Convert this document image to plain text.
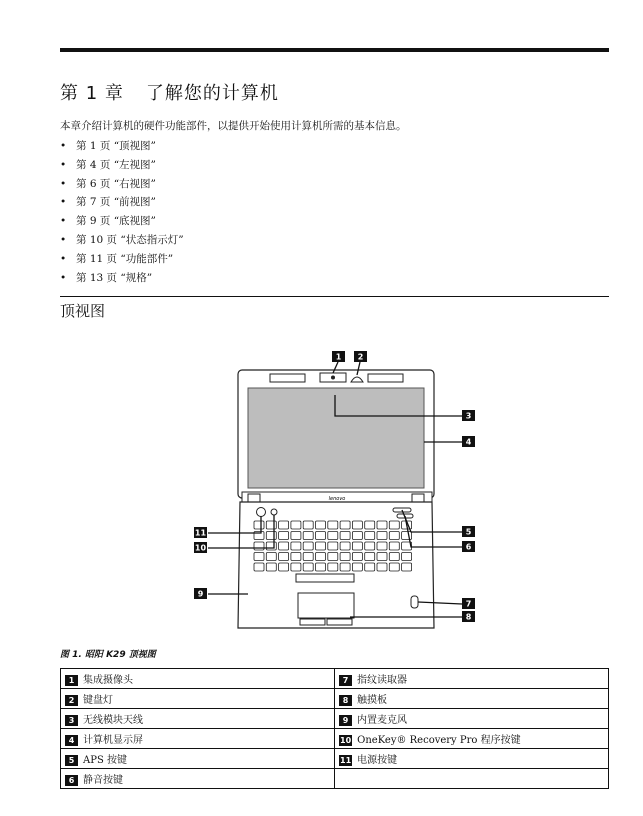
第 1 章 了解您的计算机
本章介绍计算机的硬件功能部件，以提供开始使用计算机所需的基本信息。
• 第 1 页 “顶视图”
• 第 4 页 “左视图”
• 第 6 页 “右视图”
• 第 7 页 “前视图”
• 第 9 页 “底视图”
• 第 10 页 “状态指示灯”
• 第 11 页 “功能部件”
• 第 13 页 “规格”
顶视图
lenovo
1 2
3
4
5
6
7
8
9
10
11
图 1. 昭阳 K29 顶视图
1 集成摄像头	7 指纹读取器
2 键盘灯	8 触摸板
3 无线模块天线	9 内置麦克风
4 计算机显示屏	10 OneKey® Recovery Pro 程序按键
5 APS 按键	11 电源按键
6 静音按键	
